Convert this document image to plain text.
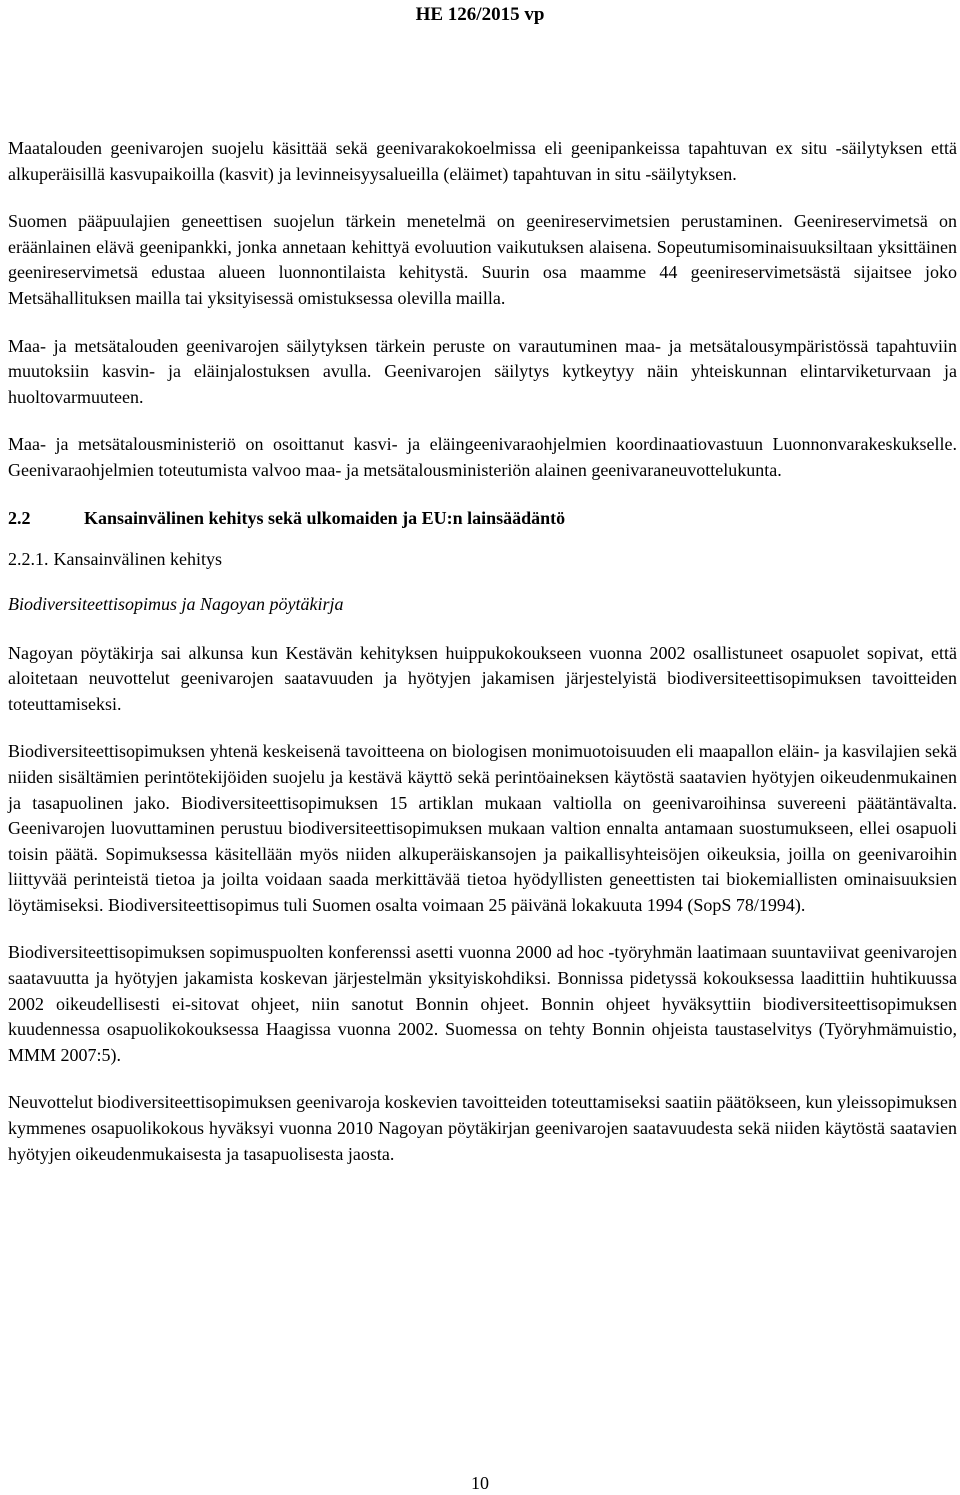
HE 126/2015 vp

Maatalouden geenivarojen suojelu käsittää sekä geenivarakokoelmissa eli geenipankeissa tapahtuvan ex situ -säilytyksen että alkuperäisillä kasvupaikoilla (kasvit) ja levinneisyysalueilla (eläimet) tapahtuvan in situ -säilytyksen.

Suomen pääpuulajien geneettisen suojelun tärkein menetelmä on geenireservimetsien perustaminen. Geenireservimetsä on eräänlainen elävä geenipankki, jonka annetaan kehittyä evoluution vaikutuksen alaisena. Sopeutumisominaisuuksiltaan yksittäinen geenireservimetsä edustaa alueen luonnontilaista kehitystä. Suurin osa maamme 44 geenireservimetsästä sijaitsee joko Metsähallituksen mailla tai yksityisessä omistuksessa olevilla mailla.

Maa- ja metsätalouden geenivarojen säilytyksen tärkein peruste on varautuminen maa- ja metsätalousympäristössä tapahtuviin muutoksiin kasvin- ja eläinjalostuksen avulla. Geenivarojen säilytys kytkeytyy näin yhteiskunnan elintarviketurvaan ja huoltovarmuuteen.

Maa- ja metsätalousministeriö on osoittanut kasvi- ja eläingeenivaraohjelmien koordinaatiovastuun Luonnonvarakeskukselle. Geenivaraohjelmien toteutumista valvoo maa- ja metsätalousministeriön alainen geenivaraneuvottelukunta.

2.2	Kansainvälinen kehitys sekä ulkomaiden ja EU:n lainsäädäntö
2.2.1. Kansainvälinen kehitys
Biodiversiteettisopimus ja Nagoyan pöytäkirja

Nagoyan pöytäkirja sai alkunsa kun Kestävän kehityksen huippukokoukseen vuonna 2002 osallistuneet osapuolet sopivat, että aloitetaan neuvottelut geenivarojen saatavuuden ja hyötyjen jakamisen järjestelyistä biodiversiteettisopimuksen tavoitteiden toteuttamiseksi.

Biodiversiteettisopimuksen yhtenä keskeisenä tavoitteena on biologisen monimuotoisuuden eli maapallon eläin- ja kasvilajien sekä niiden sisältämien perintötekijöiden suojelu ja kestävä käyttö sekä perintöaineksen käytöstä saatavien hyötyjen oikeudenmukainen ja tasapuolinen jako. Biodiversiteettisopimuksen 15 artiklan mukaan valtiolla on geenivaroihinsa suvereeni päätäntävalta. Geenivarojen luovuttaminen perustuu biodiversiteettisopimuksen mukaan valtion ennalta antamaan suostumukseen, ellei osapuoli toisin päätä. Sopimuksessa käsitellään myös niiden alkuperäiskansojen ja paikallisyhteisöjen oikeuksia, joilla on geenivaroihin liittyvää perinteistä tietoa ja joilta voidaan saada merkittävää tietoa hyödyllisten geneettisten tai biokemiallisten ominaisuuksien löytämiseksi. Biodiversiteettisopimus tuli Suomen osalta voimaan 25 päivänä lokakuuta 1994 (SopS 78/1994).

Biodiversiteettisopimuksen sopimuspuolten konferenssi asetti vuonna 2000 ad hoc -työryhmän laatimaan suuntaviivat geenivarojen saatavuutta ja hyötyjen jakamista koskevan järjestelmän yksityiskohdiksi. Bonnissa pidetyssä kokouksessa laadittiin huhtikuussa 2002 oikeudellisesti ei-sitovat ohjeet, niin sanotut Bonnin ohjeet. Bonnin ohjeet hyväksyttiin biodiversiteettisopimuksen kuudennessa osapuolikokouksessa Haagissa vuonna 2002. Suomessa on tehty Bonnin ohjeista taustaselvitys (Työryhmämuistio, MMM 2007:5).

Neuvottelut biodiversiteettisopimuksen geenivaroja koskevien tavoitteiden toteuttamiseksi saatiin päätökseen, kun yleissopimuksen kymmenes osapuolikokous hyväksyi vuonna 2010 Nagoyan pöytäkirjan geenivarojen saatavuudesta sekä niiden käytöstä saatavien hyötyjen oikeudenmukaisesta ja tasapuolisesta jaosta.

10
